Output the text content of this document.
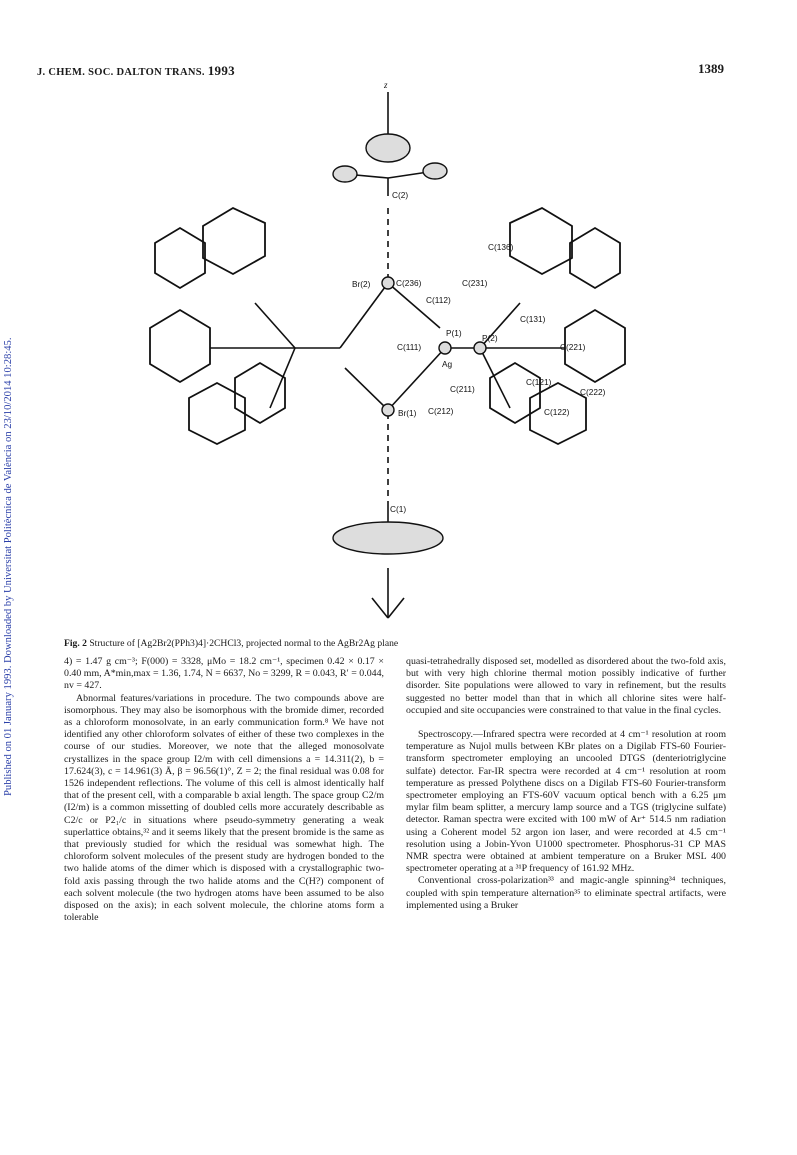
J. CHEM. SOC. DALTON TRANS. 1993	1389
Published on 01 January 1993. Downloaded by Universitat Politècnica de València on 23/10/2014 10:28:45.
C(2)
C(136)
Br(2)	C(236)	C(231)
C(112)
C(131)
P(1) P(2)
C(111)
Ag
C(221)
C(121)
C(211)	C(222)
C(212)	C(122)
Br(1)
C(1)
z
Fig. 2 Structure of [Ag2Br2(PPh3)4]·2CHCl3, projected normal to the AgBr2Ag plane

4) = 1.47 g cm⁻³; F(000) = 3328, μMo = 18.2 cm⁻¹, specimen 0.42 × 0.17 × 0.40 mm, A*min,max = 1.36, 1.74, N = 6637, No = 3299, R = 0.043, R′ = 0.044, nv = 427.

Abnormal features/variations in procedure. The two compounds above are isomorphous. They may also be isomorphous with the bromide dimer, recorded as a chloroform monosolvate, in an early communication form.⁸ We have not identified any other chloroform solvates of either of these two complexes in the course of our studies. Moreover, we note that the alleged monosolvate crystallizes in the space group I2/m with cell dimensions a = 14.311(2), b = 17.624(3), c = 14.961(3) Å, β = 96.56(1)°, Z = 2; the final residual was 0.08 for 1526 independent reflections. The volume of this cell is almost identically half that of the present cell, with a comparable b axial length. The space group C2/m (I2/m) is a common missetting of doubled cells more accurately describable as C2/c or P2₁/c in situations where pseudo-symmetry generating a weak superlattice obtains,³² and it seems likely that the present bromide is the same as that previously studied for which the residual was somewhat high. The chloroform solvent molecules of the present study are hydrogen bonded to the two halide atoms of the dimer which is disposed with a crystallographic two-fold axis passing through the two halide atoms and the C(H?) component of each solvent molecule (the two hydrogen atoms have been assumed to be also disposed on the axis); in each solvent molecule, the chlorine atoms form a tolerable

quasi-tetrahedrally disposed set, modelled as disordered about the two-fold axis, but with very high chlorine thermal motion possibly indicative of further disorder. Site populations were allowed to vary in refinement, but the results suggested no better model than that in which all chlorine sites were half-occupied and site occupancies were constrained to that value in the final cycles.

Spectroscopy.—Infrared spectra were recorded at 4 cm⁻¹ resolution at room temperature as Nujol mulls between KBr plates on a Digilab FTS-60 Fourier-transform spectrometer employing an uncooled DTGS (denteriotriglycine sulfate) detector. Far-IR spectra were recorded at 4 cm⁻¹ resolution at room temperature as pressed Polythene discs on a Digilab FTS-60 Fourier-transform spectrometer employing an FTS-60V vacuum optical bench with a 6.25 μm mylar film beam splitter, a mercury lamp source and a TGS (triglycine sulfate) detector. Raman spectra were excited with 100 mW of Ar⁺ 514.5 nm radiation using a Coherent model 52 argon ion laser, and were recorded at 4.5 cm⁻¹ resolution using a Jobin-Yvon U1000 spectrometer. Phosphorus-31 CP MAS NMR spectra were obtained at ambient temperature on a Bruker MSL 400 spectrometer operating at a ³¹P frequency of 161.92 MHz.

Conventional cross-polarization³³ and magic-angle spinning³⁴ techniques, coupled with spin temperature alternation³⁵ to eliminate spectral artifacts, were implemented using a Bruker
